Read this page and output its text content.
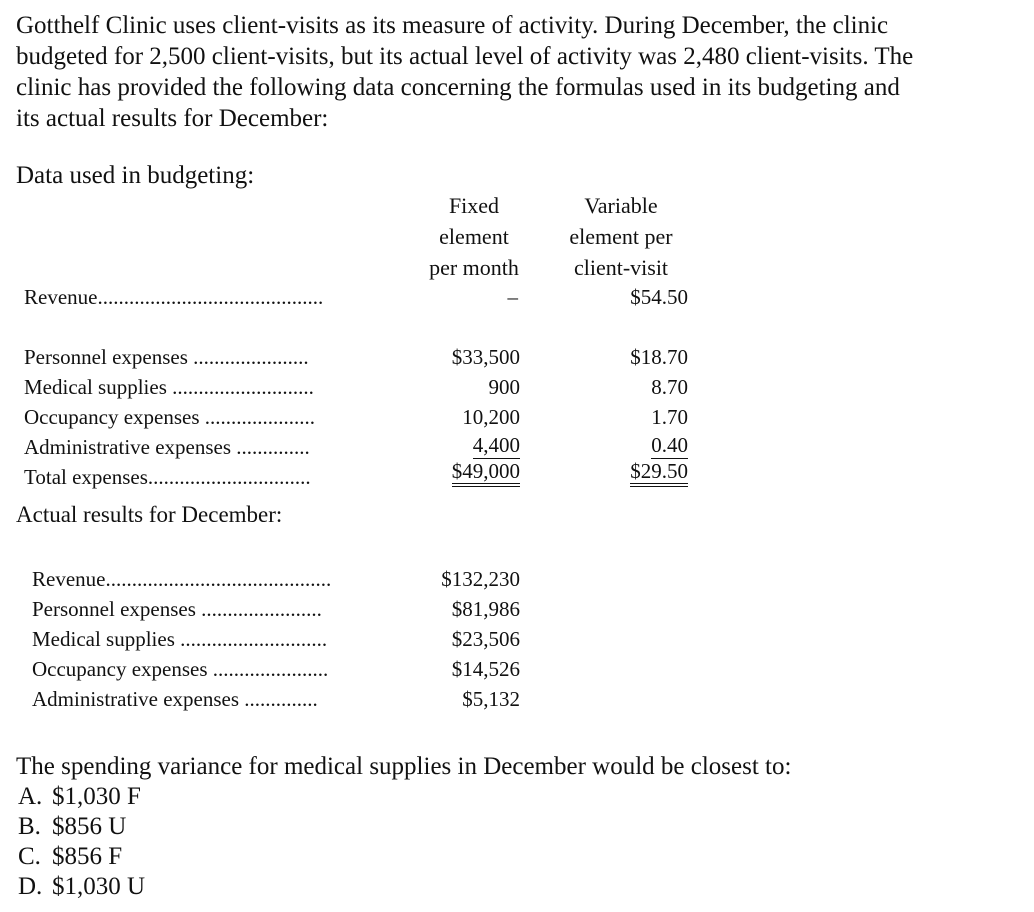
Gotthelf Clinic uses client-visits as its measure of activity. During December, the clinic
budgeted for 2,500 client-visits, but its actual level of activity was 2,480 client-visits. The
clinic has provided the following data concerning the formulas used in its budgeting and
its actual results for December:
Data used in budgeting:
Fixed
element
per month
Variable
element per
client-visit
Revenue...........................................	–	$54.50
Personnel expenses ......................
Medical supplies ...........................
Occupancy expenses .....................
Administrative expenses ..............
Total expenses...............................
$33,500
900
10,200
4,400
$49,000
$18.70
8.70
1.70
0.40
$29.50
Actual results for December:
Revenue...........................................
Personnel expenses .......................
Medical supplies ............................
Occupancy expenses ......................
Administrative expenses ..............
$132,230
$81,986
$23,506
$14,526
$5,132
The spending variance for medical supplies in December would be closest to:
A. $1,030 F
B. $856 U
C. $856 F
D. $1,030 U
